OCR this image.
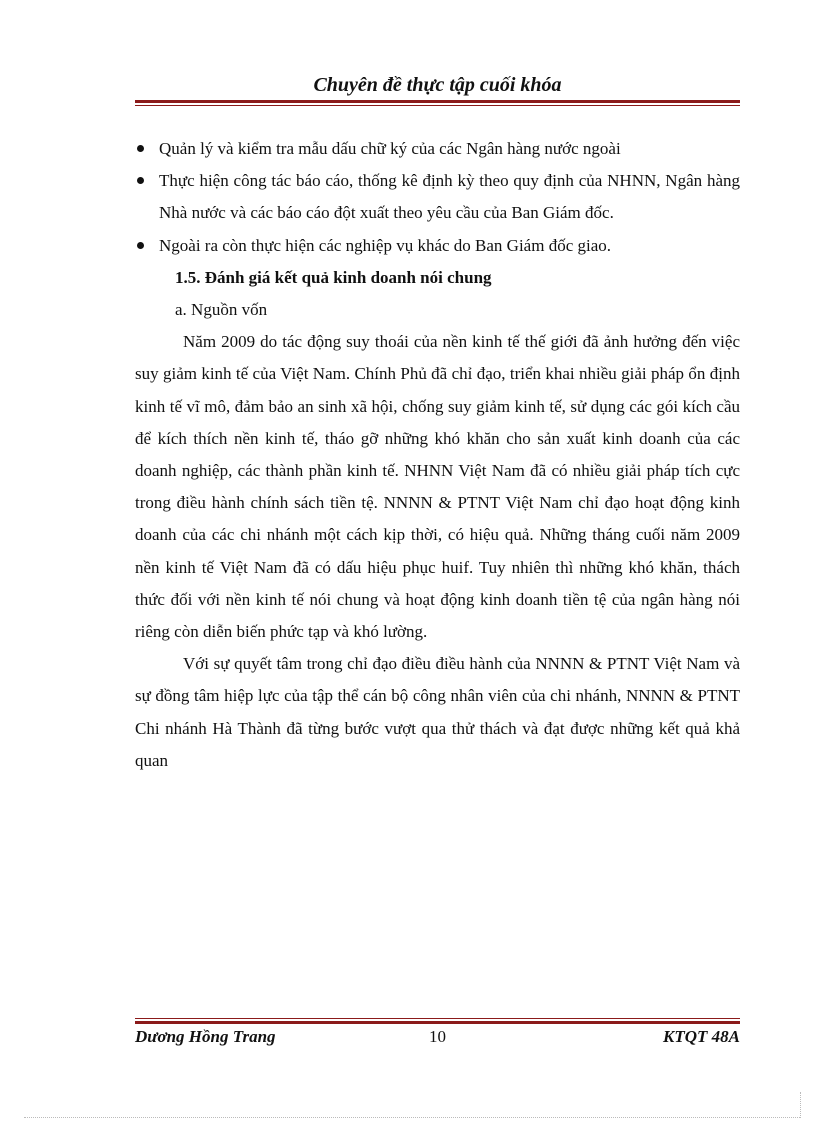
Chuyên đề thực tập cuối khóa
Quản lý và kiểm tra mẫu dấu chữ ký của các Ngân hàng nước ngoài
Thực hiện công tác báo cáo, thống kê định kỳ theo quy định của NHNN, Ngân hàng Nhà nước và các báo cáo đột xuất theo yêu cầu của Ban Giám đốc.
Ngoài ra còn thực hiện các nghiệp vụ khác do Ban Giám đốc giao.
1.5. Đánh giá kết quả kinh doanh nói chung
a. Nguồn vốn
Năm 2009 do tác động suy thoái của nền kinh tế thế giới đã ảnh hưởng đến việc suy giảm kinh tế của Việt Nam. Chính Phủ đã chỉ đạo, triển khai nhiều giải pháp ổn định kinh tế vĩ mô, đảm bảo an sinh xã hội, chống suy giảm kinh tế, sử dụng các gói kích cầu để kích thích nền kinh tế, tháo gỡ những khó khăn cho sản xuất kinh doanh của các doanh nghiệp, các thành phần kinh tế. NHNN Việt Nam đã có nhiều giải pháp tích cực trong điều hành chính sách tiền tệ. NNNN & PTNT Việt Nam chỉ đạo hoạt động kinh doanh của các chi nhánh một cách kịp thời, có hiệu quả. Những tháng cuối năm 2009 nền kinh tế Việt Nam đã có dấu hiệu phục huif. Tuy nhiên thì những khó khăn, thách thức đối với nền kinh tế nói chung và hoạt động kinh doanh tiền tệ của ngân hàng nói riêng còn diễn biến phức tạp và khó lường.
Với sự quyết tâm trong chỉ đạo điều điều hành của NNNN & PTNT Việt Nam và sự đồng tâm hiệp lực của tập thể cán bộ công nhân viên của chi nhánh, NNNN & PTNT Chi nhánh Hà Thành đã từng bước vượt qua thử thách và đạt được những kết quả khả quan
Dương Hồng Trang	10	KTQT 48A
